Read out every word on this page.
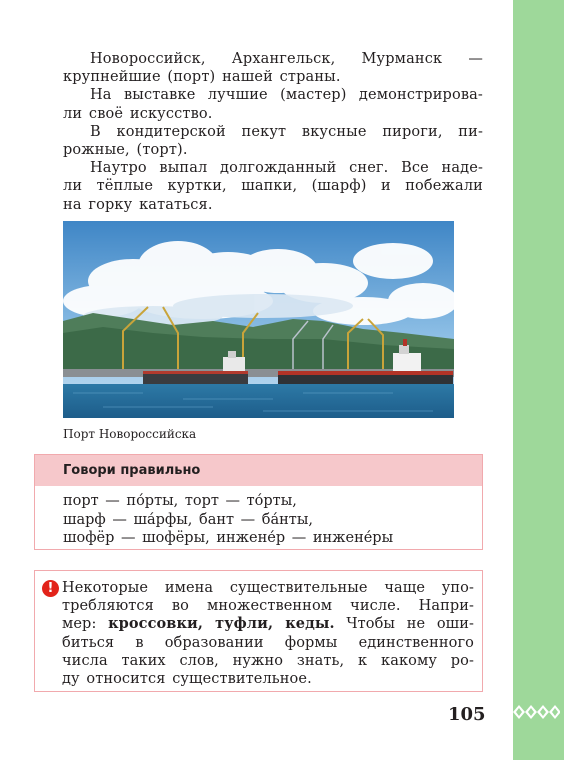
Новороссийск, Архангельск, Мурманск —
крупнейшие (порт) нашей страны.

На выставке лучшие (мастер) демонстрирова-
ли своё искусство.

В кондитерской пекут вкусные пироги, пи-
рожные, (торт).

Наутро выпал долгожданный снег. Все наде-
ли тёплые куртки, шапки, (шарф) и побежали
на горку кататься.

Порт Новороссийска
Говори правильно
порт — по́рты, торт — то́рты,
шарф — ша́рфы, бант — ба́нты,
шофёр — шофёры, инжене́р — инжене́ры
! Некоторые имена существительные чаще упо-
требляются во множественном числе. Напри-
мер: кроссовки, туфли, кеды. Чтобы не оши-
биться в образовании формы единственного
числа таких слов, нужно знать, к какому ро-
ду относится существительное.
105
